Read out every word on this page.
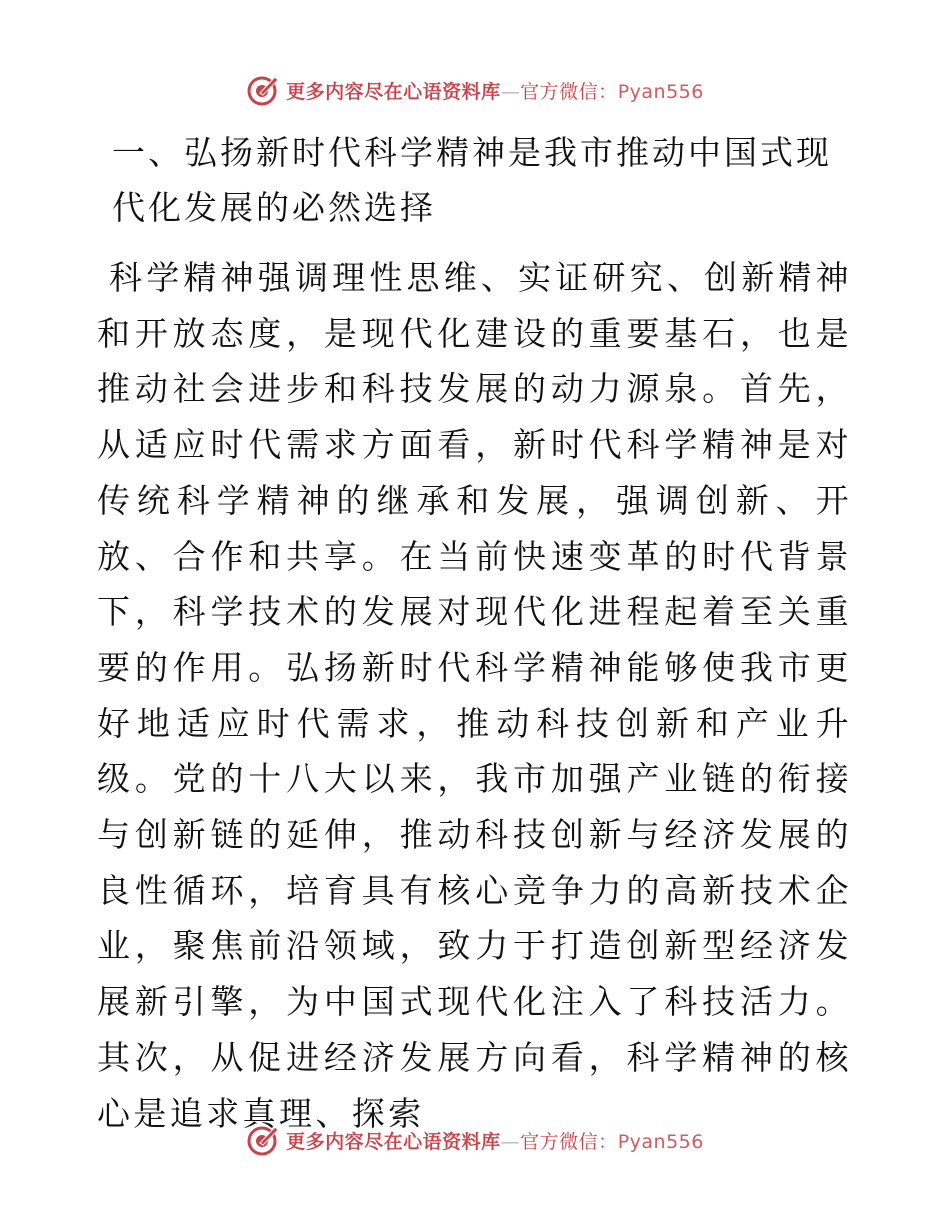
更多内容尽在心语资料库—官方微信：Pyan556
一、弘扬新时代科学精神是我市推动中国式现代化发展的必然选择

科学精神强调理性思维、实证研究、创新精神和开放态度，是现代化建设的重要基石，也是推动社会进步和科技发展的动力源泉。首先，从适应时代需求方面看，新时代科学精神是对传统科学精神的继承和发展，强调创新、开放、合作和共享。在当前快速变革的时代背景下，科学技术的发展对现代化进程起着至关重要的作用。弘扬新时代科学精神能够使我市更好地适应时代需求，推动科技创新和产业升级。党的十八大以来，我市加强产业链的衔接与创新链的延伸，推动科技创新与经济发展的良性循环，培育具有核心竞争力的高新技术企业，聚焦前沿领域，致力于打造创新型经济发展新引擎，为中国式现代化注入了科技活力。其次，从促进经济发展方向看，科学精神的核心是追求真理、探索

更多内容尽在心语资料库—官方微信：Pyan556
